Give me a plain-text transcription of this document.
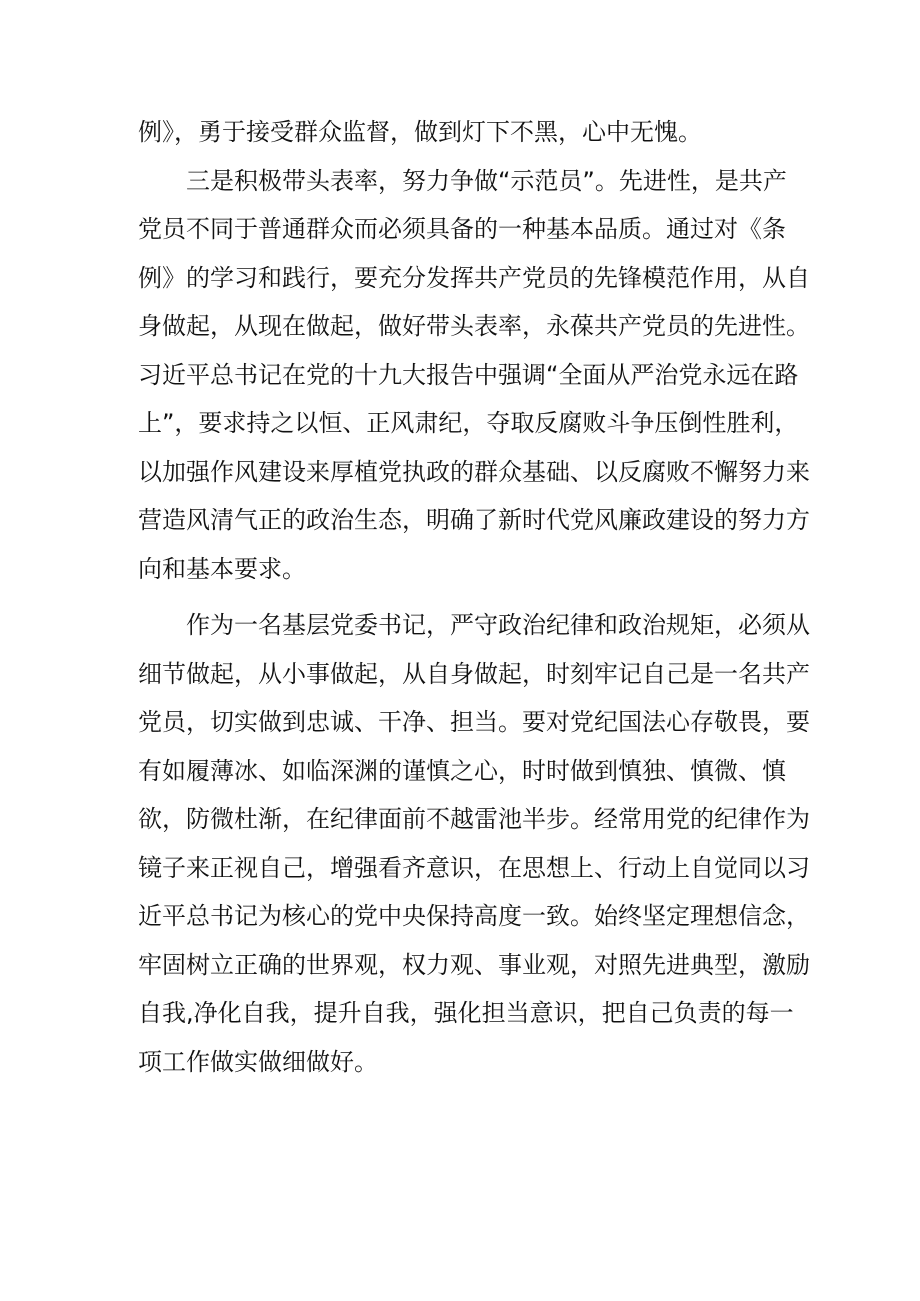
例》，勇于接受群众监督，做到灯下不黑，心中无愧。
三是积极带头表率，努力争做“示范员”。先进性，是共产
党员不同于普通群众而必须具备的一种基本品质。通过对《条
例》的学习和践行，要充分发挥共产党员的先锋模范作用，从自
身做起，从现在做起，做好带头表率，永葆共产党员的先进性。
习近平总书记在党的十九大报告中强调“全面从严治党永远在路
上”，要求持之以恒、正风肃纪，夺取反腐败斗争压倒性胜利，
以加强作风建设来厚植党执政的群众基础、以反腐败不懈努力来
营造风清气正的政治生态，明确了新时代党风廉政建设的努力方
向和基本要求。
作为一名基层党委书记，严守政治纪律和政治规矩，必须从
细节做起，从小事做起，从自身做起，时刻牢记自己是一名共产
党员，切实做到忠诚、干净、担当。要对党纪国法心存敬畏，要
有如履薄冰、如临深渊的谨慎之心，时时做到慎独、慎微、慎
欲，防微杜渐，在纪律面前不越雷池半步。经常用党的纪律作为
镜子来正视自己，增强看齐意识，在思想上、行动上自觉同以习
近平总书记为核心的党中央保持高度一致。始终坚定理想信念，
牢固树立正确的世界观，权力观、事业观，对照先进典型，激励
自我,净化自我，提升自我，强化担当意识，把自己负责的每一
项工作做实做细做好。
